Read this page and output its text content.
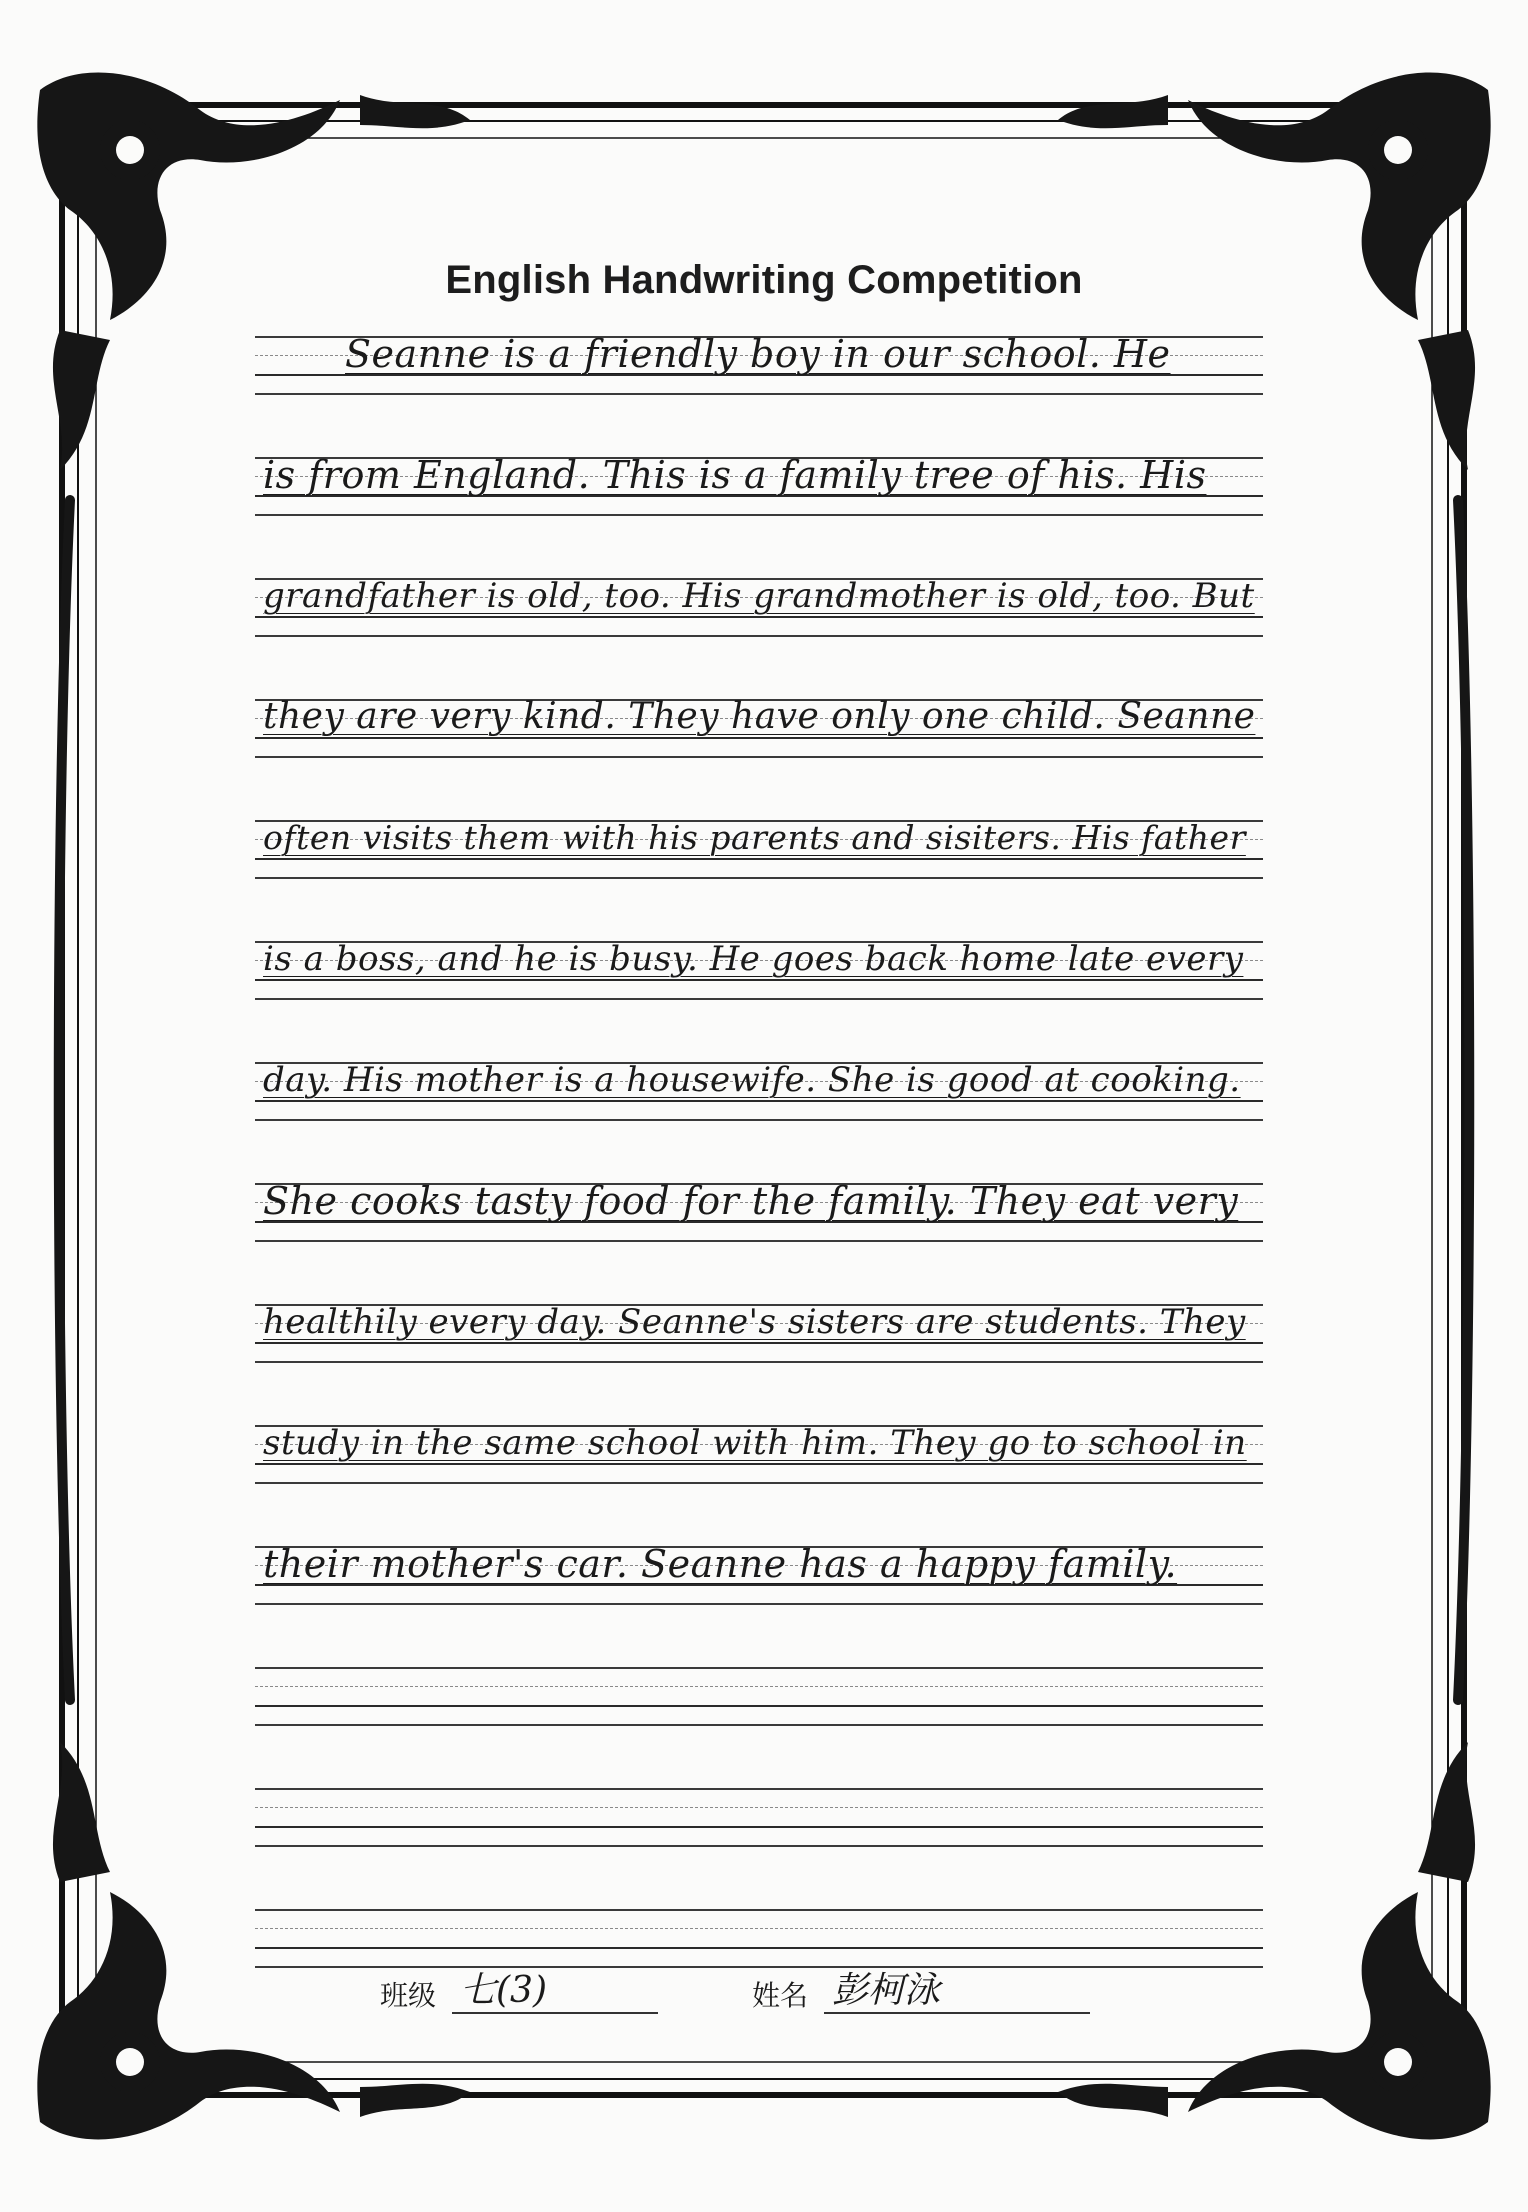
English Handwriting Competition
Seanne is a friendly boy in our school. He
is from England. This is a family tree of his. His
grandfather is old, too. His grandmother is old, too. But
they are very kind. They have only one child. Seanne
often visits them with his parents and sisiters. His father
is a boss, and he is busy. He goes back home late every
day. His mother is a housewife. She is good at cooking.
She cooks tasty food for the family. They eat very
healthily every day. Seanne's sisters are students. They
study in the same school with him. They go to school in
their mother's car. Seanne has a happy family.
班级 七(3)	姓名 彭柯泳
